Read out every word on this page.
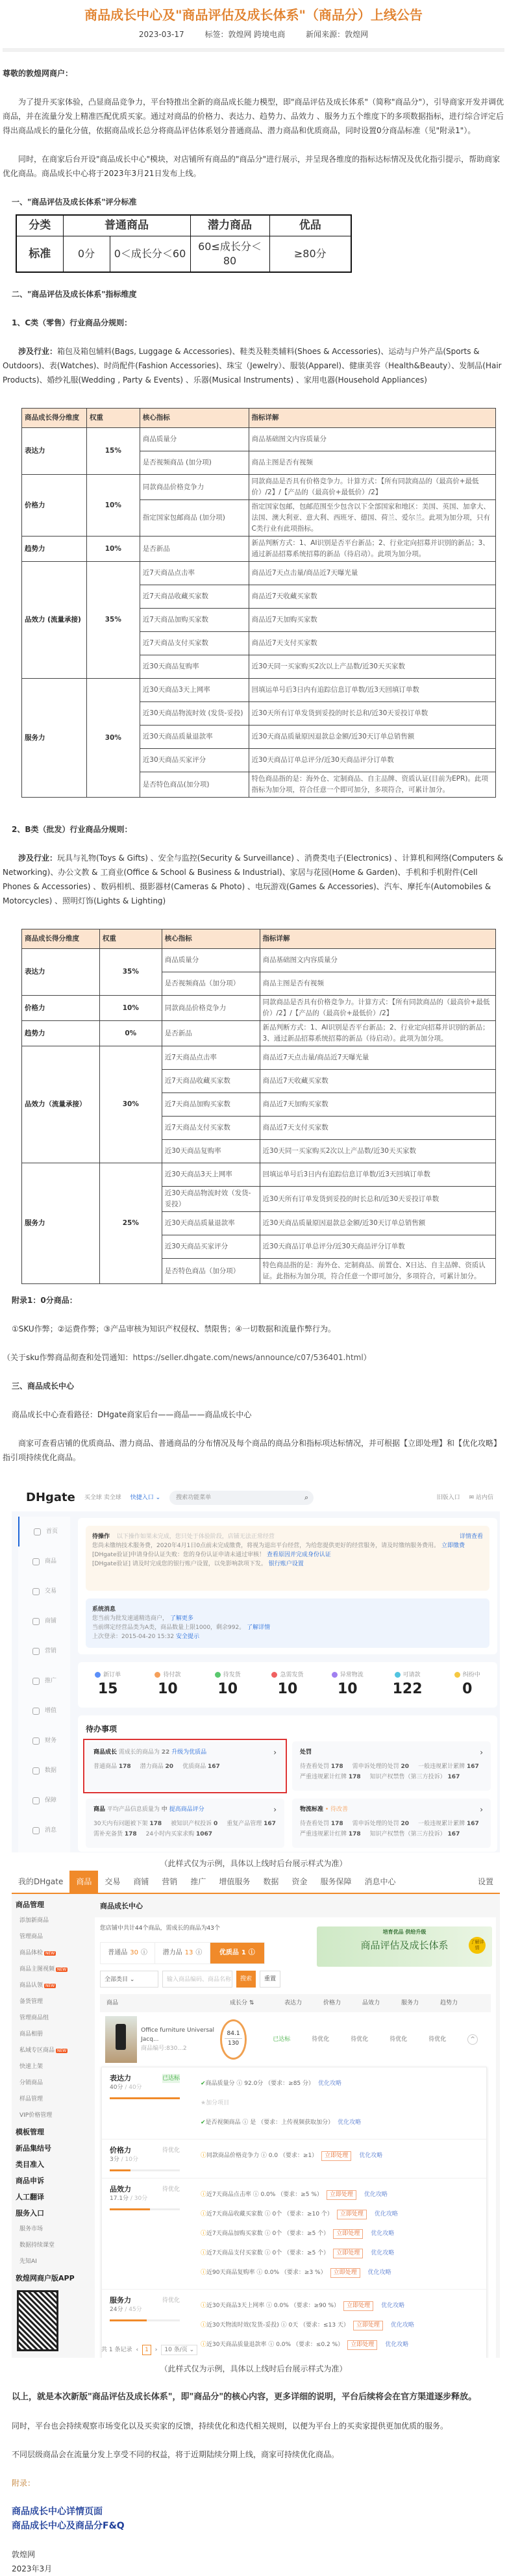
商品成长中心及"商品评估及成长体系"（商品分）上线公告
2023-03-17	标签：敦煌网 跨境电商	新闻来源：敦煌网

尊敬的敦煌网商户：

为了提升买家体验，凸显商品竞争力，平台特推出全新的商品成长能力模型，即"商品评估及成长体系"（简称"商品分"），引导商家开发并调优商品，并在流量分发上精准匹配优质买家。通过对商品的价格力、表达力、趋势力、品效力 、服务力五个维度下的多项数据指标，进行综合评定后得出商品成长的量化分值，依据商品成长总分将商品评估体系划分普通商品、潜力商品和优质商品，同时设置0分商品标准（见"附录1"）。

同时，在商家后台开设"商品成长中心"模块，对店铺所有商品的"商品分"进行展示，并呈现各维度的指标达标情况及优化指引提示，帮助商家优化商品。商品成长中心将于2023年3月21日发布上线。

一、"商品评估及成长体系"评分标准

分类	普通商品		潜力商品	优品
标准	0分	0＜成长分＜60	60≤成长分＜80	≥80分

二、"商品评估及成长体系"指标维度

1、C类（零售）行业商品分规则：

涉及行业：箱包及箱包辅料(Bags, Luggage & Accessories)、鞋类及鞋类辅料(Shoes & Accessories)、运动与户外产品(Sports & Outdoors)、表(Watches)、时尚配件(Fashion Accessories)、珠宝（Jewelry）、服装(Apparel)、健康美容（Health&Beauty）、发制品(Hair Products)、婚纱礼服(Wedding , Party & Events) 、乐器(Musical Instruments) 、家用电器(Household Appliances)

商品成长得分维度	权重	核心指标	指标详解
表达力	15%	商品质量分	商品基础图文内容质量分
		是否视频商品 (加分项)	商品主图是否有视频
价格力	10%	同款商品价格竞争力	同款商品是否具有价格竞争力。计算方式：【所有同款商品的（最高价+最低价）/2】/【产品的（最高价+最低价）/2】
		指定国家包邮商品 (加分项)	指定国家包邮，包邮范围至少包含以下全部国家和地区：美国、英国、加拿大、法国、澳大利亚、意大利、西班牙、德国、荷兰、爱尔兰。此项为加分项，只有C类行业有此项指标。
趋势力	10%	是否新品	新品判断方式：1、AI识别是否平台新品；2、行业定向招募并识别的新品；3、通过新品招募系统招募的新品（待启动）。此项为加分项。
品效力 (流量承接)	35%	近7天商品点击率	商品近7天点击量/商品近7天曝光量
		近7天商品收藏买家数	商品近7天收藏买家数
		近7天商品加购买家数	商品近7天加购买家数
		近7天商品支付买家数	商品近7天支付买家数
		近30天商品复购率	近30天同一买家购买2次以上产品数/近30天买家数
服务力	30%	近30天商品3天上网率	回填运单号后3日内有追踪信息订单数/近3天回填订单数
		近30天商品物流时效 (发货-妥投)	近30天所有订单发货到妥投的时长总和/近30天妥投订单数
		近30天商品质量退款率	近30天商品质量原因退款总金额/近30天订单总销售额
		近30天商品买家评分	近30天商品订单总评分/近30天商品评分订单数
		是否特色商品(加分项)	特色商品指的是：海外仓、定制商品、自主品牌、资质认证(目前为EPR)。此项指标为加分项，符合任意一个即可加分，多项符合，可累计加分。

2、B类（批发）行业商品分规则：

涉及行业：玩具与礼物(Toys & Gifts) 、安全与监控(Security & Surveillance) 、消费类电子(Electronics) 、计算机和网络(Computers & Networking)、办公文教 & 工商业(Office & School & Business & Industrial)、家居与花园(Home & Garden)、手机和手机附件(Cell Phones & Accessories) 、数码相机、摄影器材(Cameras & Photo) 、电玩游戏(Games & Accessories)、汽车、摩托车(Automobiles & Motorcycles) 、照明灯饰(Lights & Lighting)

商品成长得分维度	权重	核心指标	指标详解
表达力	35%	商品质量分	商品基础图文内容质量分
		是否视频商品（加分项）	商品主图是否有视频
价格力	10%	同款商品价格竞争力	同款商品是否具有价格竞争力。计算方式：【所有同款商品的（最高价+最低价）/2】/【产品的（最高价+最低价）/2】
趋势力	0%	是否新品	新品判断方式：1、AI识别是否平台新品；2、行业定向招募并识别的新品；3、通过新品招募系统招募的新品（待启动）。此项为加分项。
品效力（流量承接）	30%	近7天商品点击率	商品近7天点击量/商品近7天曝光量
		近7天商品收藏买家数	商品近7天收藏买家数
		近7天商品加购买家数	商品近7天加购买家数
		近7天商品支付买家数	商品近7天支付买家数
		近30天商品复购率	近30天同一买家购买2次以上产品数/近30天买家数
服务力	25%	近30天商品3天上网率	回填运单号后3日内有追踪信息订单数/近3天回填订单数
		近30天商品物流时效（发货-妥投）	近30天所有订单发货到妥投的时长总和/近30天妥投订单数
		近30天商品质量退款率	近30天商品质量原因退款总金额/近30天订单总销售额
		近30天商品买家评分	近30天商品订单总评分/近30天商品评分订单数
		是否特色商品（加分项）	特色商品指的是：海外仓、定制商品、前置仓、X日达、自主品牌、资质认证。此指标为加分项，符合任意一个即可加分，多项符合，可累计加分。

附录1：0分商品：

①SKU作弊；②运费作弊；③产品审核为知识产权侵权、禁限售；④一切数据和流量作弊行为。

（关于sku作弊商品彻查和处罚通知：https://seller.dhgate.com/news/announce/c07/536401.html）

三、商品成长中心

商品成长中心查看路径：DHgate商家后台——商品——商品成长中心

商家可查看店铺的优质商品、潜力商品、普通商品的分布情况及每个商品的商品分和指标项达标情况，并可根据【立即处理】和【优化攻略】指引项持续优化商品。

DHgate 买全球 卖全球 快捷入口 ⌄	搜索功能菜单	⌕	旧版入口 ✉ 站内信
首页
商品
交易
商铺
营销
推广
增值
财务
数据
保障
消息
待操作 以下操作如果未完成，您只处于体验阶段，店铺无法正常经营	详情查看
您尚未缴纳技术服务费，2020年4月1日0点前未完成缴费，将视为退出平台经营，为给您提供更好的经营服务，请及时缴纳服务费用。 立即缴费
[DHgate验证]申请身份认证失败：您的身份认证申请未通过审核！ 查看原因并完成身份认证
[DHgate验证] 请及时完成您的银行账户设置，以免影响款项下发。 银行账户设置
系统消息
您当前为批发速通精选商户， 了解更多
当前绑定经营品类为A类，商品数量上限1000，剩余992。 了解详情
上次登录：2015-04-20 15:32 安全提示
新订单
15
待付款
10
待发货
10
急需发货
10
异常物流
10
可请款
122
纠纷中
0
待办事项
商品成长 需成长的商品为 22 升级为优质品	›
普通商品 178 潜力商品 20 优质商品 167
处罚	›
待查看处罚 178 需申诉处理的处罚 20 一般违规累计累牌 167
严重违规累计红牌 178 知识产权禁售（第三方投诉） 167
商品 平均产品信息质量为 中 提高商品评分	›
30天内有问题被下架 178 被知识产权投诉 0 重复产品管理 167
需补充备货 178 24小时内买家求购 1067
物流标准 • 待改善	›
待查看处罚 178 需申诉处理的处罚 20 一般违规累计累牌 167
严重违规累计红牌 178 知识产权禁售（第三方投诉） 167
（此样式仅为示例，具体以上线时后台展示样式为准）
我的DHgate	商品	交易	商铺	营销	推广	增值服务	数据	资金	服务保障	消息中心	设置
商品管理
添加新商品
管理商品
商品体检 NEW
商品主图视频 NEW
商品认领 NEW
备货管理
管理商品组
商品相册
私域专区商品 NEW
快速上架
分销商品
样品管理
VIP价格管理
模板管理
新品集结号
类目准入
商品申诉
人工翻译
服务入口
服务市场
数据持续课堂
先知AI
敦煌网商户版APP
商品成长中心
您店铺中共计44个商品，需成长的商品为43个
培育优品 供给升级
商品评估及成长体系	了解详情
普通品 30 ⓘ 潜力品 13 ⓘ	优质品 1 ⓘ
全部类目 ⌄	输入商品编码、商品名称	搜索	重置
商品	成长分 ⇅	表达力	价格力	品效力	服务力	趋势力
Office furniture Universal Jacq...
商品编号:830...2
84.1
130
已达标	待优化	待优化	待优化	待优化	^
表达力	已达标
40分 / 40分
✔ 商品质量分 ⓘ 92.0分 （要求：≥85 分） 优化攻略
★ 加分项目
✔ 是否视频商品 ⓘ 是 （要求：上传视频获取加分） 优化攻略
价格力	待优化
3分 / 10分
ⓘ 同款商品价格竞争力 ⓘ 0.0 （要求：≥1）	立即处理	优化攻略
品效力	待优化
17.1分 / 30分
ⓘ 近7天商品点击率 ⓘ 0.0% （要求：≥5 %）	立即处理	优化攻略
ⓘ 近7天商品收藏买家数 ⓘ 0个 （要求：≥10 个）	立即处理	优化攻略
ⓘ 近7天商品加购买家数 ⓘ 0个 （要求：≥5 个）	立即处理	优化攻略
ⓘ 近7天商品支付买家数 ⓘ 0个 （要求：≥5 个）	立即处理	优化攻略
ⓘ 近90天商品复购率 ⓘ 0.0% （要求：≥3 %）	立即处理	优化攻略
服务力	待优化
24分 / 45分
ⓘ 近30天商品3天上网率 ⓘ 0.0% （要求：≥90 %）	立即处理	优化攻略
ⓘ 近30天物流时效(发货-妥投) ⓘ 0天 （要求：≤13 天）	立即处理	优化攻略
ⓘ 近30天商品质量退款率 ⓘ 0.0% （要求：≤0.2 %）	立即处理	优化攻略
共 1 条记录 ‹	1	›	10 条/页 ⌄
（此样式仅为示例，具体以上线时后台展示样式为准）

以上，就是本次新版"商品评估及成长体系"，即"商品分"的核心内容，更多详细的说明，平台后续将会在官方渠道逐步释放。

同时，平台也会持续观察市场变化以及买卖家的反馈，持续优化和迭代相关规则，以便为平台上的买卖家提供更加优质的服务。

不同层级商品会在流量分发上享受不同的权益，将于近期陆续分期上线，商家可持续优化商品。

附录：

商品成长中心详情页面
商品成长中心及商品分F&Q

敦煌网

2023年3月
